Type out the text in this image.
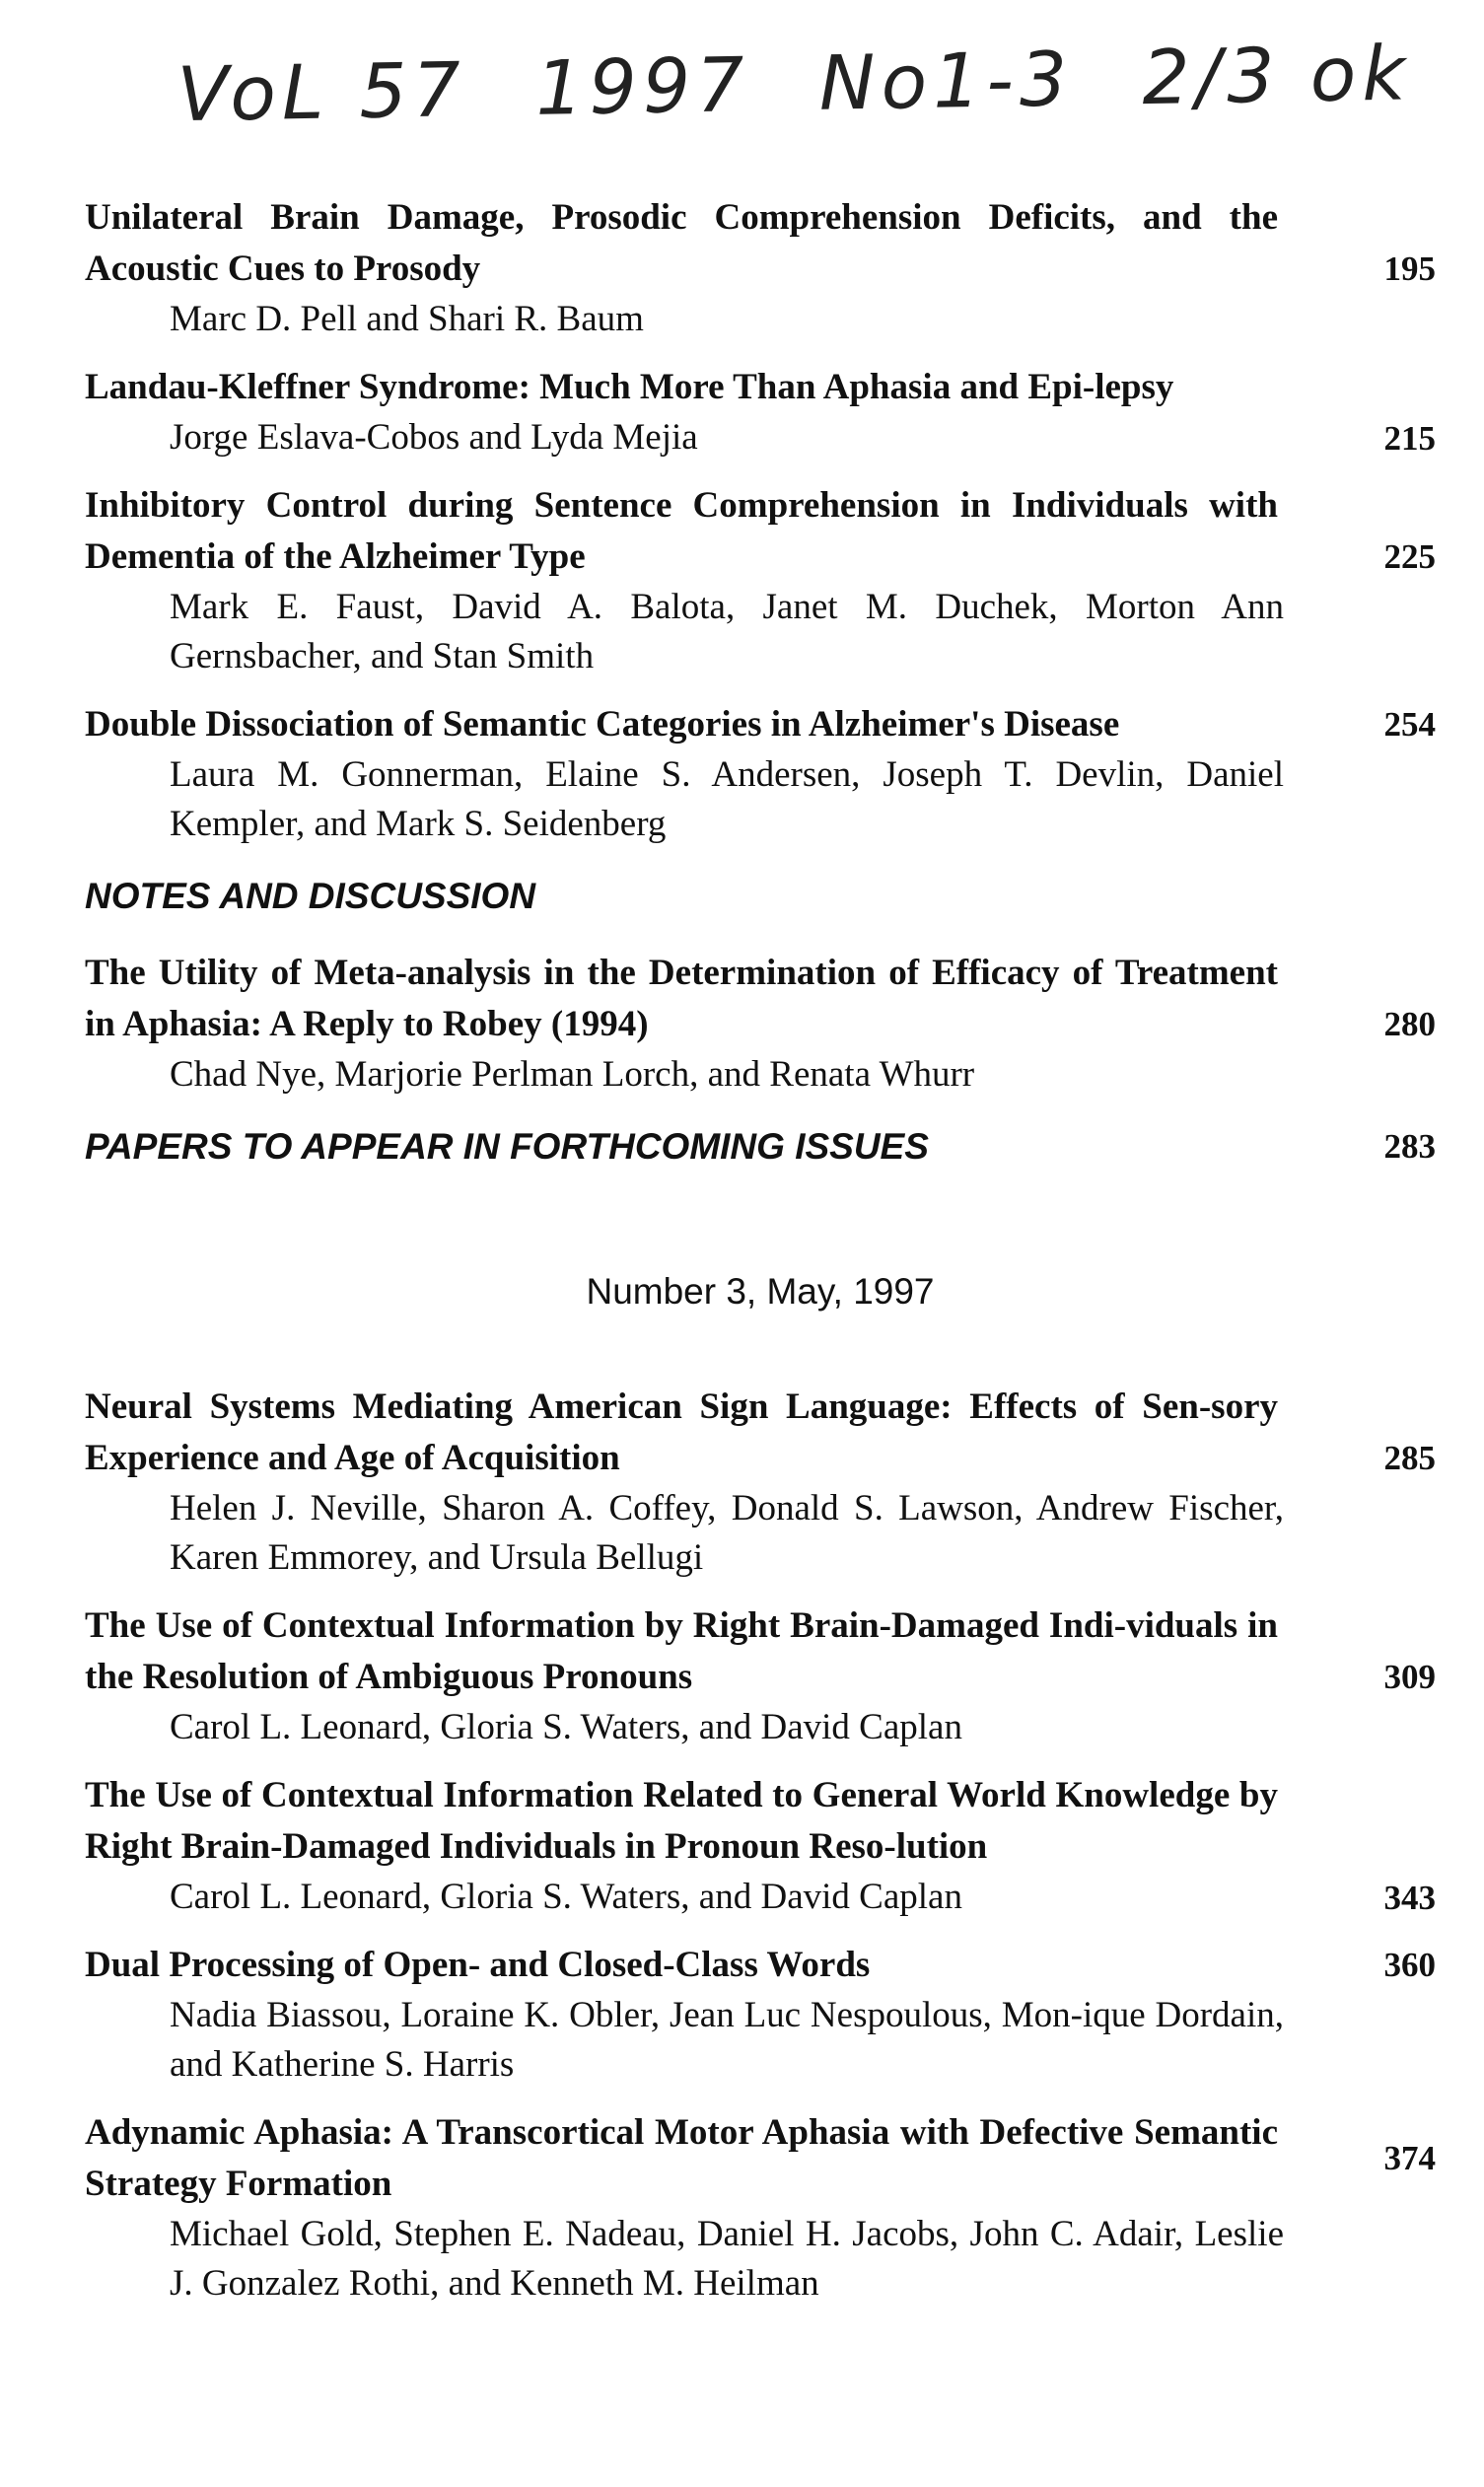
VoL 57 1997 No1-3 2/3 ok
195
Unilateral Brain Damage, Prosodic Comprehension Deficits, and the Acoustic Cues to Prosody
Marc D. Pell and Shari R. Baum
215
Landau-Kleffner Syndrome: Much More Than Aphasia and Epi-lepsy
Jorge Eslava-Cobos and Lyda Mejia
225
Inhibitory Control during Sentence Comprehension in Individuals with Dementia of the Alzheimer Type
Mark E. Faust, David A. Balota, Janet M. Duchek, Morton Ann Gernsbacher, and Stan Smith
254
Double Dissociation of Semantic Categories in Alzheimer's Disease
Laura M. Gonnerman, Elaine S. Andersen, Joseph T. Devlin, Daniel Kempler, and Mark S. Seidenberg
NOTES AND DISCUSSION
280
The Utility of Meta-analysis in the Determination of Efficacy of Treatment in Aphasia: A Reply to Robey (1994)
Chad Nye, Marjorie Perlman Lorch, and Renata Whurr
PAPERS TO APPEAR IN FORTHCOMING ISSUES	283
Number 3, May, 1997
285
Neural Systems Mediating American Sign Language: Effects of Sen-sory Experience and Age of Acquisition
Helen J. Neville, Sharon A. Coffey, Donald S. Lawson, Andrew Fischer, Karen Emmorey, and Ursula Bellugi
309
The Use of Contextual Information by Right Brain-Damaged Indi-viduals in the Resolution of Ambiguous Pronouns
Carol L. Leonard, Gloria S. Waters, and David Caplan
343
The Use of Contextual Information Related to General World Knowledge by Right Brain-Damaged Individuals in Pronoun Reso-lution
Carol L. Leonard, Gloria S. Waters, and David Caplan
360
Dual Processing of Open- and Closed-Class Words
Nadia Biassou, Loraine K. Obler, Jean Luc Nespoulous, Mon-ique Dordain, and Katherine S. Harris
374
Adynamic Aphasia: A Transcortical Motor Aphasia with Defective Semantic Strategy Formation
Michael Gold, Stephen E. Nadeau, Daniel H. Jacobs, John C. Adair, Leslie J. Gonzalez Rothi, and Kenneth M. Heilman
